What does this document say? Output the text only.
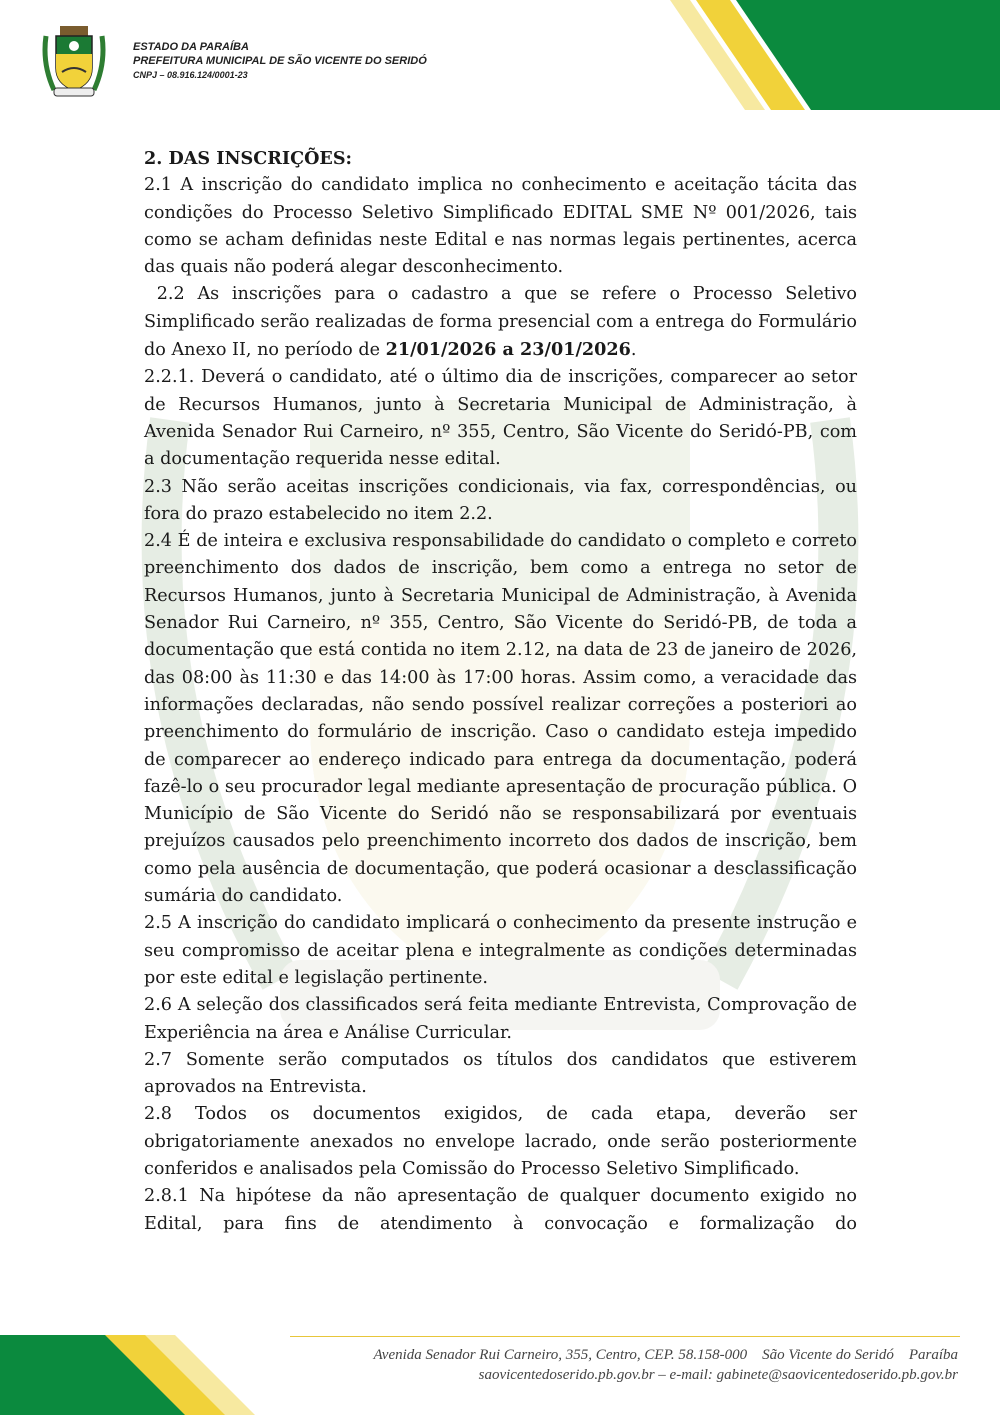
ESTADO DA PARAÍBA
PREFEITURA MUNICIPAL DE SÃO VICENTE DO SERIDÓ
CNPJ – 08.916.124/0001-23

2. DAS INSCRIÇÕES:

2.1 A inscrição do candidato implica no conhecimento e aceitação tácita das condições do Processo Seletivo Simplificado EDITAL SME Nº 001/2026, tais como se acham definidas neste Edital e nas normas legais pertinentes, acerca das quais não poderá alegar desconhecimento.

2.2 As inscrições para o cadastro a que se refere o Processo Seletivo Simplificado serão realizadas de forma presencial com a entrega do Formulário do Anexo II, no período de 21/01/2026 a 23/01/2026.

2.2.1. Deverá o candidato, até o último dia de inscrições, comparecer ao setor de Recursos Humanos, junto à Secretaria Municipal de Administração, à Avenida Senador Rui Carneiro, nº 355, Centro, São Vicente do Seridó-PB, com a documentação requerida nesse edital.

2.3 Não serão aceitas inscrições condicionais, via fax, correspondências, ou fora do prazo estabelecido no item 2.2.

2.4 É de inteira e exclusiva responsabilidade do candidato o completo e correto preenchimento dos dados de inscrição, bem como a entrega no setor de Recursos Humanos, junto à Secretaria Municipal de Administração, à Avenida Senador Rui Carneiro, nº 355, Centro, São Vicente do Seridó-PB, de toda a documentação que está contida no item 2.12, na data de 23 de janeiro de 2026, das 08:00 às 11:30 e das 14:00 às 17:00 horas. Assim como, a veracidade das informações declaradas, não sendo possível realizar correções a posteriori ao preenchimento do formulário de inscrição. Caso o candidato esteja impedido de comparecer ao endereço indicado para entrega da documentação, poderá fazê-lo o seu procurador legal mediante apresentação de procuração pública. O Município de São Vicente do Seridó não se responsabilizará por eventuais prejuízos causados pelo preenchimento incorreto dos dados de inscrição, bem como pela ausência de documentação, que poderá ocasionar a desclassificação sumária do candidato.

2.5 A inscrição do candidato implicará o conhecimento da presente instrução e seu compromisso de aceitar plena e integralmente as condições determinadas por este edital e legislação pertinente.

2.6 A seleção dos classificados será feita mediante Entrevista, Comprovação de Experiência na área e Análise Curricular.

2.7 Somente serão computados os títulos dos candidatos que estiverem aprovados na Entrevista.

2.8 Todos os documentos exigidos, de cada etapa, deverão ser obrigatoriamente anexados no envelope lacrado, onde serão posteriormente conferidos e analisados pela Comissão do Processo Seletivo Simplificado.

2.8.1 Na hipótese da não apresentação de qualquer documento exigido no Edital, para fins de atendimento à convocação e formalização do

Avenida Senador Rui Carneiro, 355, Centro, CEP. 58.158-000    São Vicente do Seridó    Paraíba
saovicentedoserido.pb.gov.br – e-mail: gabinete@saovicentedoserido.pb.gov.br
